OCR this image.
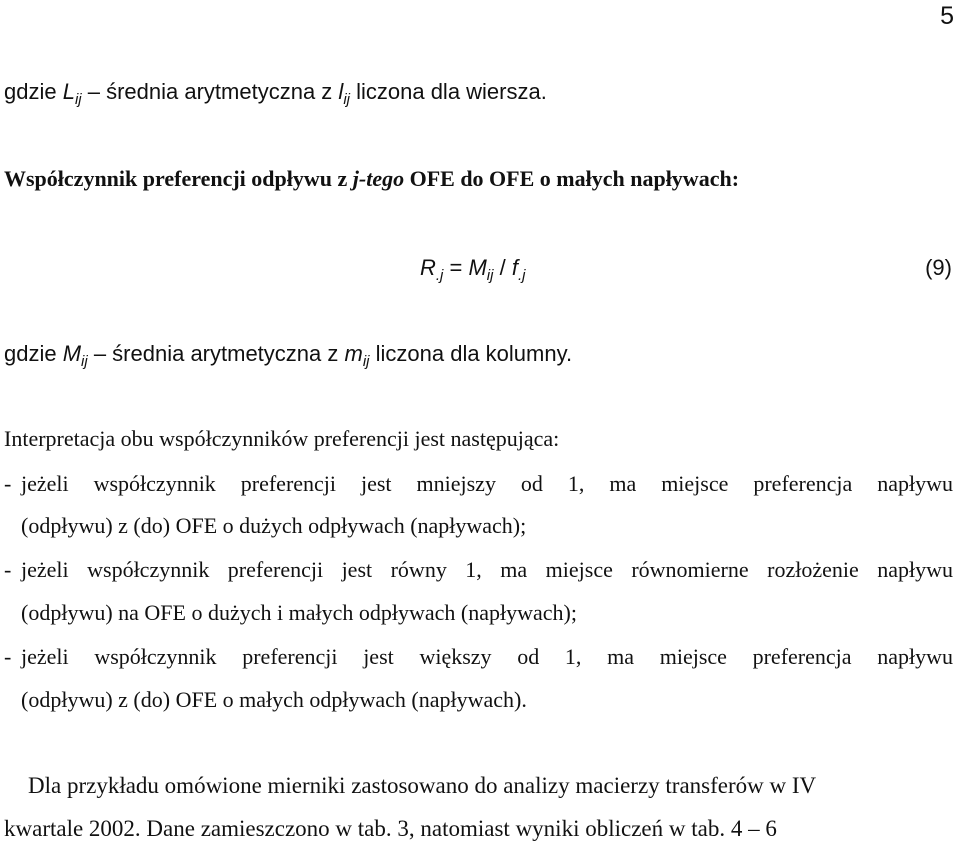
5
gdzie $L_{ij}$ – średnia arytmetyczna z $l_{ij}$ liczona dla wiersza.
Współczynnik preferencji odpływu z j-tego OFE do OFE o małych napływach:
$R_{.j} = M_{ij} / f_{.j}$	(9)
gdzie $M_{ij}$ – średnia arytmetyczna z $m_{ij}$ liczona dla kolumny.
Interpretacja obu współczynników preferencji jest następująca:
- jeżeli współczynnik preferencji jest mniejszy od 1, ma miejsce preferencja napływu
(odpływu) z (do) OFE o dużych odpływach (napływach);
- jeżeli współczynnik preferencji jest równy 1, ma miejsce równomierne rozłożenie napływu
(odpływu) na OFE o dużych i małych odpływach (napływach);
- jeżeli współczynnik preferencji jest większy od 1, ma miejsce preferencja napływu
(odpływu) z (do) OFE o małych odpływach (napływach).
Dla przykładu omówione mierniki zastosowano do analizy macierzy transferów w IV
kwartale 2002. Dane zamieszczono w tab. 3, natomiast wyniki obliczeń w tab. 4 – 6
